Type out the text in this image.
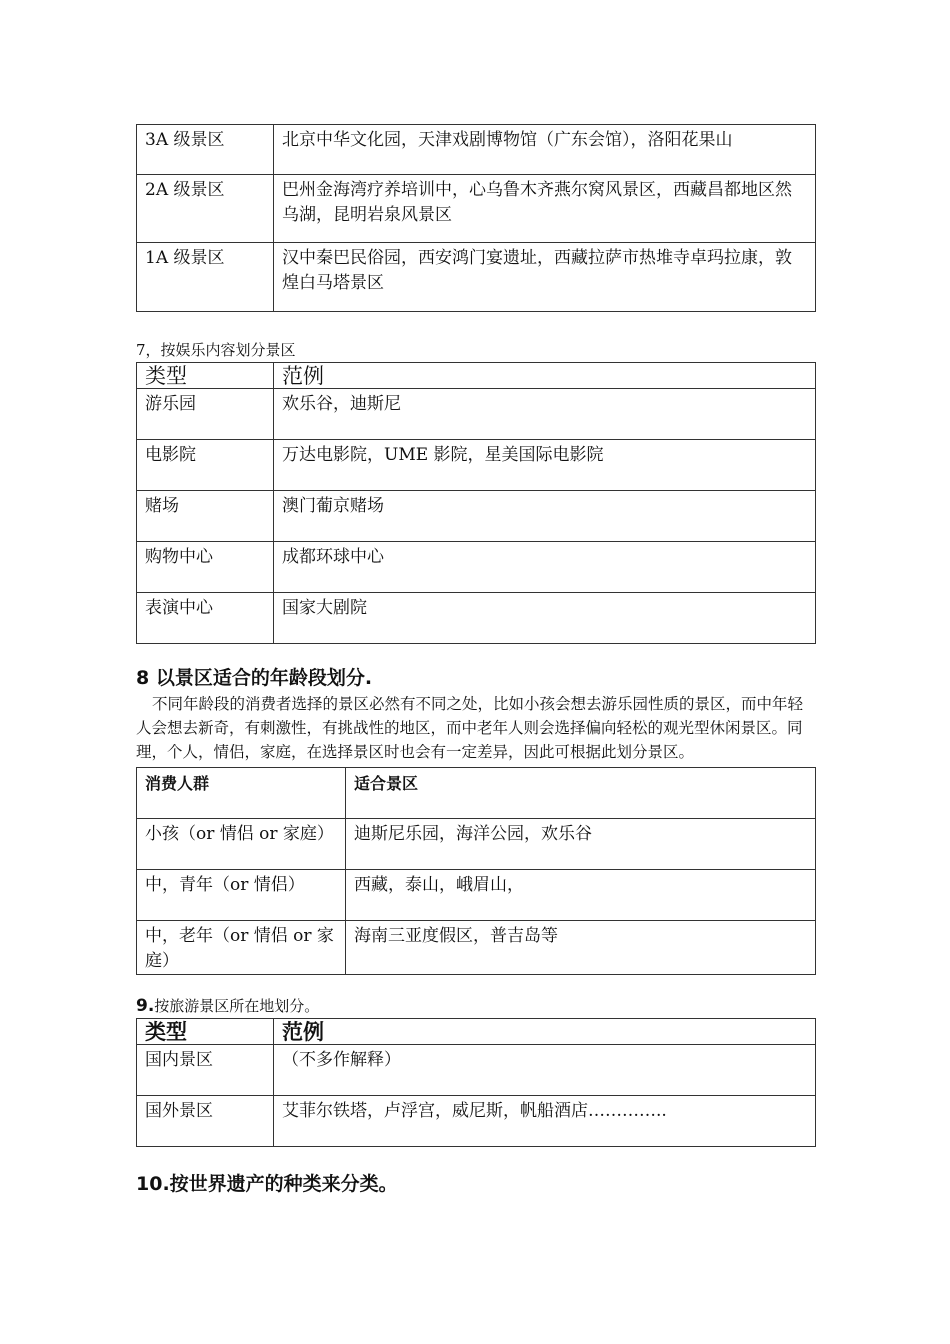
3A 级景区	北京中华文化园，天津戏剧博物馆（广东会馆），洛阳花果山
2A 级景区	巴州金海湾疗养培训中，心乌鲁木齐燕尔窝风景区，西藏昌都地区然乌湖，昆明岩泉风景区
1A 级景区	汉中秦巴民俗园，西安鸿门宴遗址，西藏拉萨市热堆寺卓玛拉康，敦煌白马塔景区
7，按娱乐内容划分景区
类型	范例
游乐园	欢乐谷，迪斯尼
电影院	万达电影院，UME 影院，星美国际电影院
赌场	澳门葡京赌场
购物中心	成都环球中心
表演中心	国家大剧院
8 以景区适合的年龄段划分.
不同年龄段的消费者选择的景区必然有不同之处，比如小孩会想去游乐园性质的景区，而中年轻人会想去新奇，有刺激性，有挑战性的地区，而中老年人则会选择偏向轻松的观光型休闲景区。同理，个人，情侣，家庭，在选择景区时也会有一定差异，因此可根据此划分景区。
消费人群	适合景区
小孩（or 情侣 or 家庭）	迪斯尼乐园，海洋公园，欢乐谷
中，青年（or 情侣）	西藏，泰山，峨眉山，
中，老年（or 情侣 or 家庭）	海南三亚度假区，普吉岛等
9.按旅游景区所在地划分。
类型	范例
国内景区	（不多作解释）
国外景区	艾菲尔铁塔，卢浮宫，威尼斯，帆船酒店…………..
10.按世界遗产的种类来分类。
